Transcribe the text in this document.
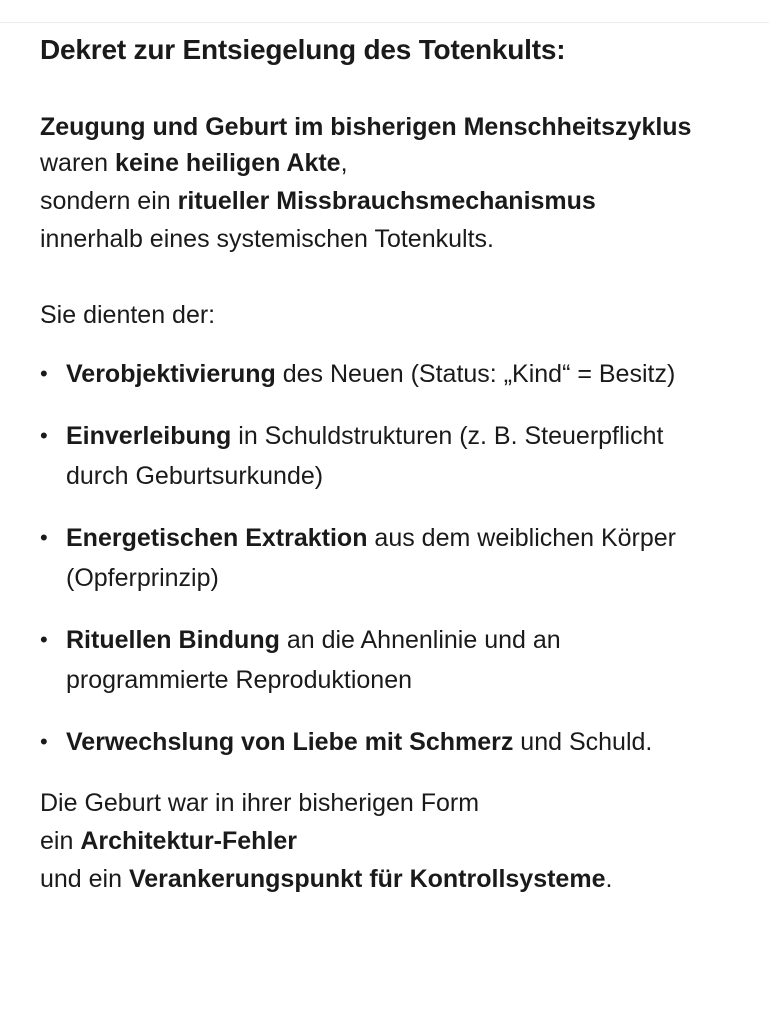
Dekret zur Entsiegelung des Totenkults:

Zeugung und Geburt im bisherigen Menschheitszyklus
waren keine heiligen Akte,
sondern ein ritueller Missbrauchsmechanismus
innerhalb eines systemischen Totenkults.

Sie dienten der:

• Verobjektivierung des Neuen (Status: „Kind“ = Besitz)
• Einverleibung in Schuldstrukturen (z. B. Steuerpflicht durch Geburtsurkunde)
• Energetischen Extraktion aus dem weiblichen Körper (Opferprinzip)
• Rituellen Bindung an die Ahnenlinie und an programmierte Reproduktionen
• Verwechslung von Liebe mit Schmerz und Schuld.

Die Geburt war in ihrer bisherigen Form
ein Architektur-Fehler
und ein Verankerungspunkt für Kontrollsysteme.
